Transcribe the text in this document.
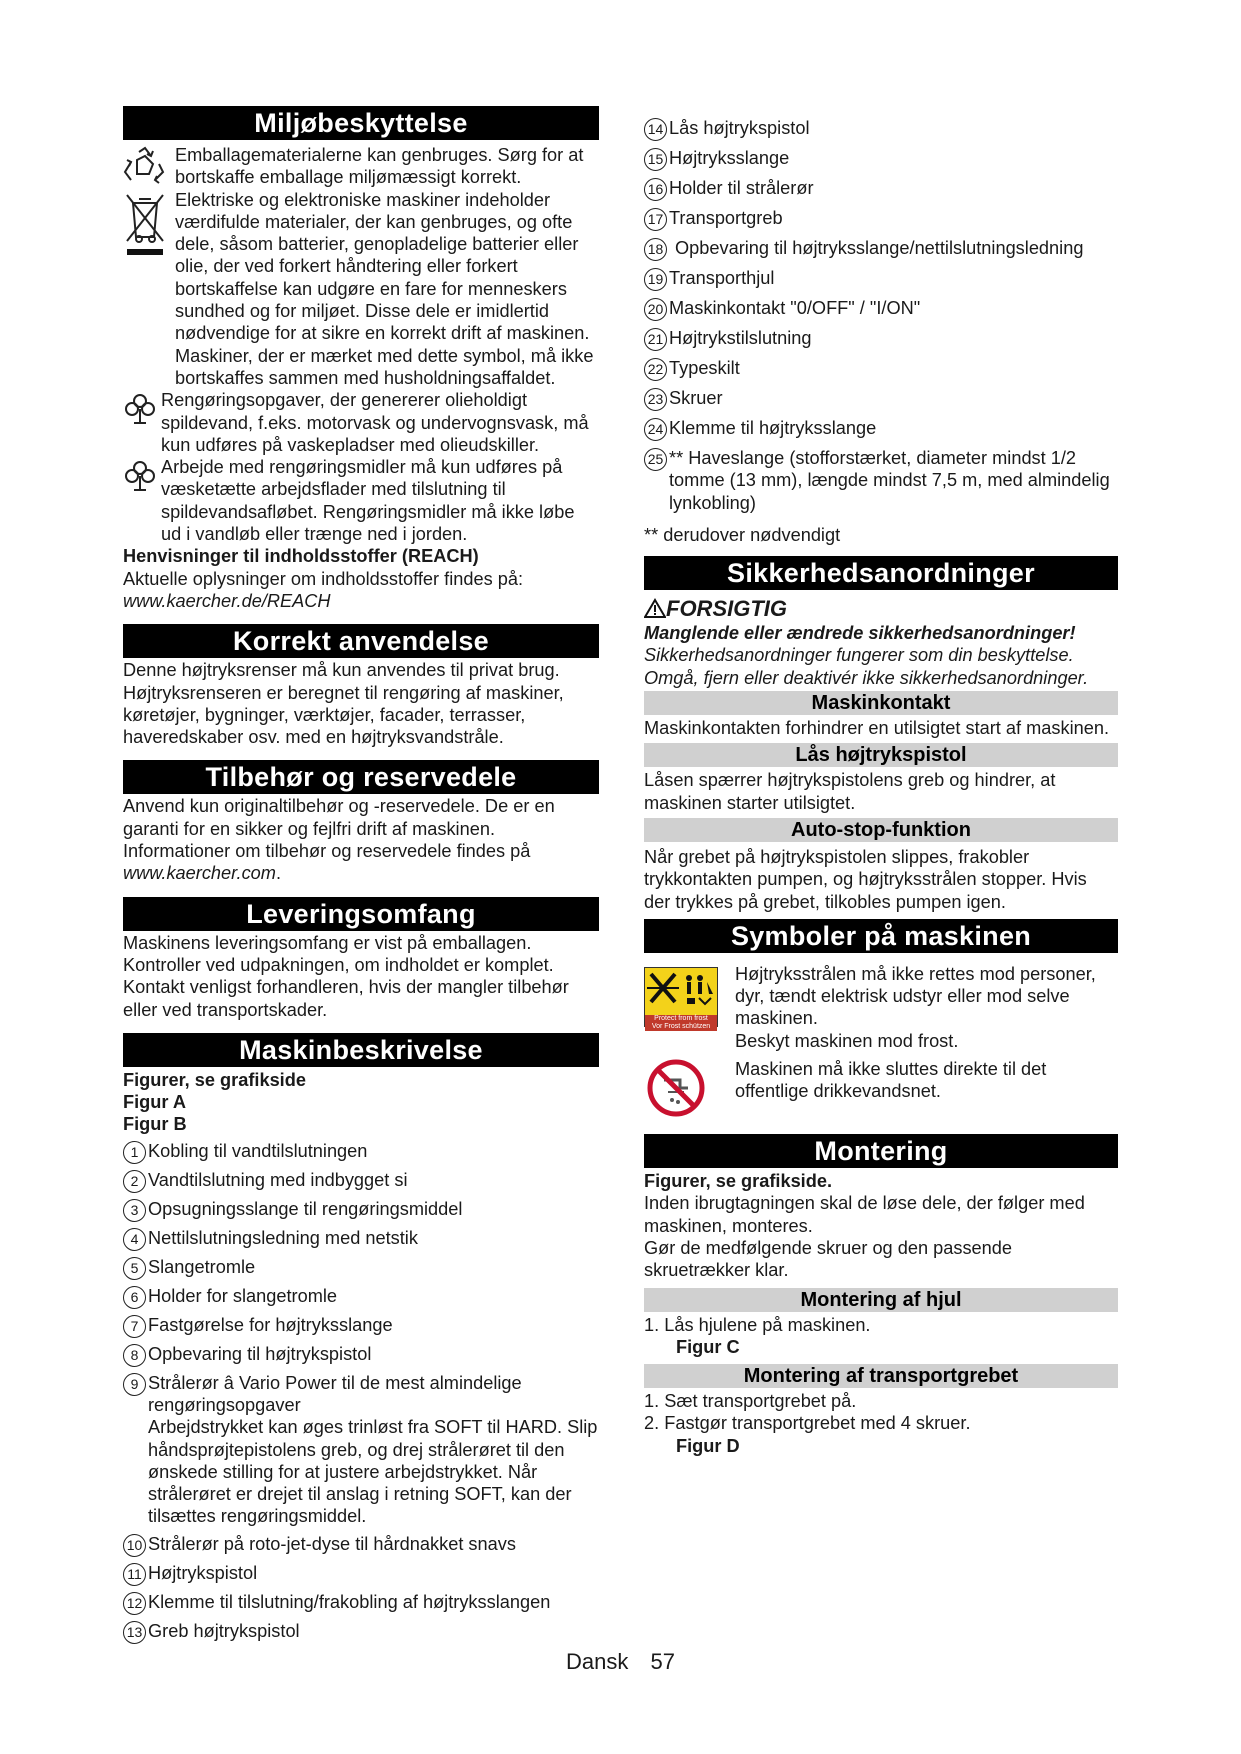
Miljøbeskyttelse
Emballagematerialerne kan genbruges. Sørg for at bortskaffe emballage miljømæssigt korrekt.
Elektriske og elektroniske maskiner indeholder værdifulde materialer, der kan genbruges, og ofte dele, såsom batterier, genopladelige batterier eller olie, der ved forkert håndtering eller forkert bortskaffelse kan udgøre en fare for menneskers sundhed og for miljøet. Disse dele er imidlertid nødvendige for at sikre en korrekt drift af maskinen. Maskiner, der er mærket med dette symbol, må ikke bortskaffes sammen med husholdningsaffaldet.
Rengøringsopgaver, der genererer olieholdigt spildevand, f.eks. motorvask og undervognsvask, må kun udføres på vaskepladser med olieudskiller.
Arbejde med rengøringsmidler må kun udføres på væsketætte arbejdsflader med tilslutning til spildevandsafløbet. Rengøringsmidler må ikke løbe ud i vandløb eller trænge ned i jorden.
Henvisninger til indholdsstoffer (REACH)
Aktuelle oplysninger om indholdsstoffer findes på:
www.kaercher.de/REACH
Korrekt anvendelse
Denne højtryksrenser må kun anvendes til privat brug. Højtryksrenseren er beregnet til rengøring af maskiner, køretøjer, bygninger, værktøjer, facader, terrasser, haveredskaber osv. med en højtryksvandstråle.
Tilbehør og reservedele
Anvend kun originaltilbehør og -reservedele. De er en garanti for en sikker og fejlfri drift af maskinen. Informationer om tilbehør og reservedele findes på www.kaercher.com.
Leveringsomfang
Maskinens leveringsomfang er vist på emballagen. Kontroller ved udpakningen, om indholdet er komplet. Kontakt venligst forhandleren, hvis der mangler tilbehør eller ved transportskader.
Maskinbeskrivelse
Figurer, se grafikside
Figur A
Figur B
1 Kobling til vandtilslutningen
2 Vandtilslutning med indbygget si
3 Opsugningsslange til rengøringsmiddel
4 Nettilslutningsledning med netstik
5 Slangetromle
6 Holder for slangetromle
7 Fastgørelse for højtryksslange
8 Opbevaring til højtrykspistol
9 Strålerør â Vario Power til de mest almindelige rengøringsopgaver
Arbejdstrykket kan øges trinløst fra SOFT til HARD. Slip håndsprøjtepistolens greb, og drej strålerøret til den ønskede stilling for at justere arbejdstrykket. Når strålerøret er drejet til anslag i retning SOFT, kan der tilsættes rengøringsmiddel.
10 Strålerør på roto-jet-dyse til hårdnakket snavs
11 Højtrykspistol
12 Klemme til tilslutning/frakobling af højtryksslangen
13 Greb højtrykspistol
14 Lås højtrykspistol
15 Højtryksslange
16 Holder til strålerør
17 Transportgreb
18 Opbevaring til højtryksslange/nettilslutningsledning
19 Transporthjul
20 Maskinkontakt "0/OFF" / "I/ON"
21 Højtrykstilslutning
22 Typeskilt
23 Skruer
24 Klemme til højtryksslange
25 ** Haveslange (stofforstærket, diameter mindst 1/2 tomme (13 mm), længde mindst 7,5 m, med almindelig lynkobling)
** derudover nødvendigt
Sikkerhedsanordninger
FORSIGTIG
Manglende eller ændrede sikkerhedsanordninger!
Sikkerhedsanordninger fungerer som din beskyttelse. Omgå, fjern eller deaktivér ikke sikkerhedsanordninger.
Maskinkontakt
Maskinkontakten forhindrer en utilsigtet start af maskinen.
Lås højtrykspistol
Låsen spærrer højtrykspistolens greb og hindrer, at maskinen starter utilsigtet.
Auto-stop-funktion
Når grebet på højtrykspistolen slippes, frakobler trykkontakten pumpen, og højtryksstrålen stopper. Hvis der trykkes på grebet, tilkobles pumpen igen.
Symboler på maskinen
Protect from frost
Vor Frost schützen
Højtryksstrålen må ikke rettes mod personer, dyr, tændt elektrisk udstyr eller mod selve maskinen.
Beskyt maskinen mod frost.
Maskinen må ikke sluttes direkte til det offentlige drikkevandsnet.
Montering
Figurer, se grafikside.
Inden ibrugtagningen skal de løse dele, der følger med maskinen, monteres.
Gør de medfølgende skruer og den passende skruetrækker klar.
Montering af hjul
1. Lås hjulene på maskinen.
Figur C
Montering af transportgrebet
1. Sæt transportgrebet på.
2. Fastgør transportgrebet med 4 skruer.
Figur D
Dansk 57
